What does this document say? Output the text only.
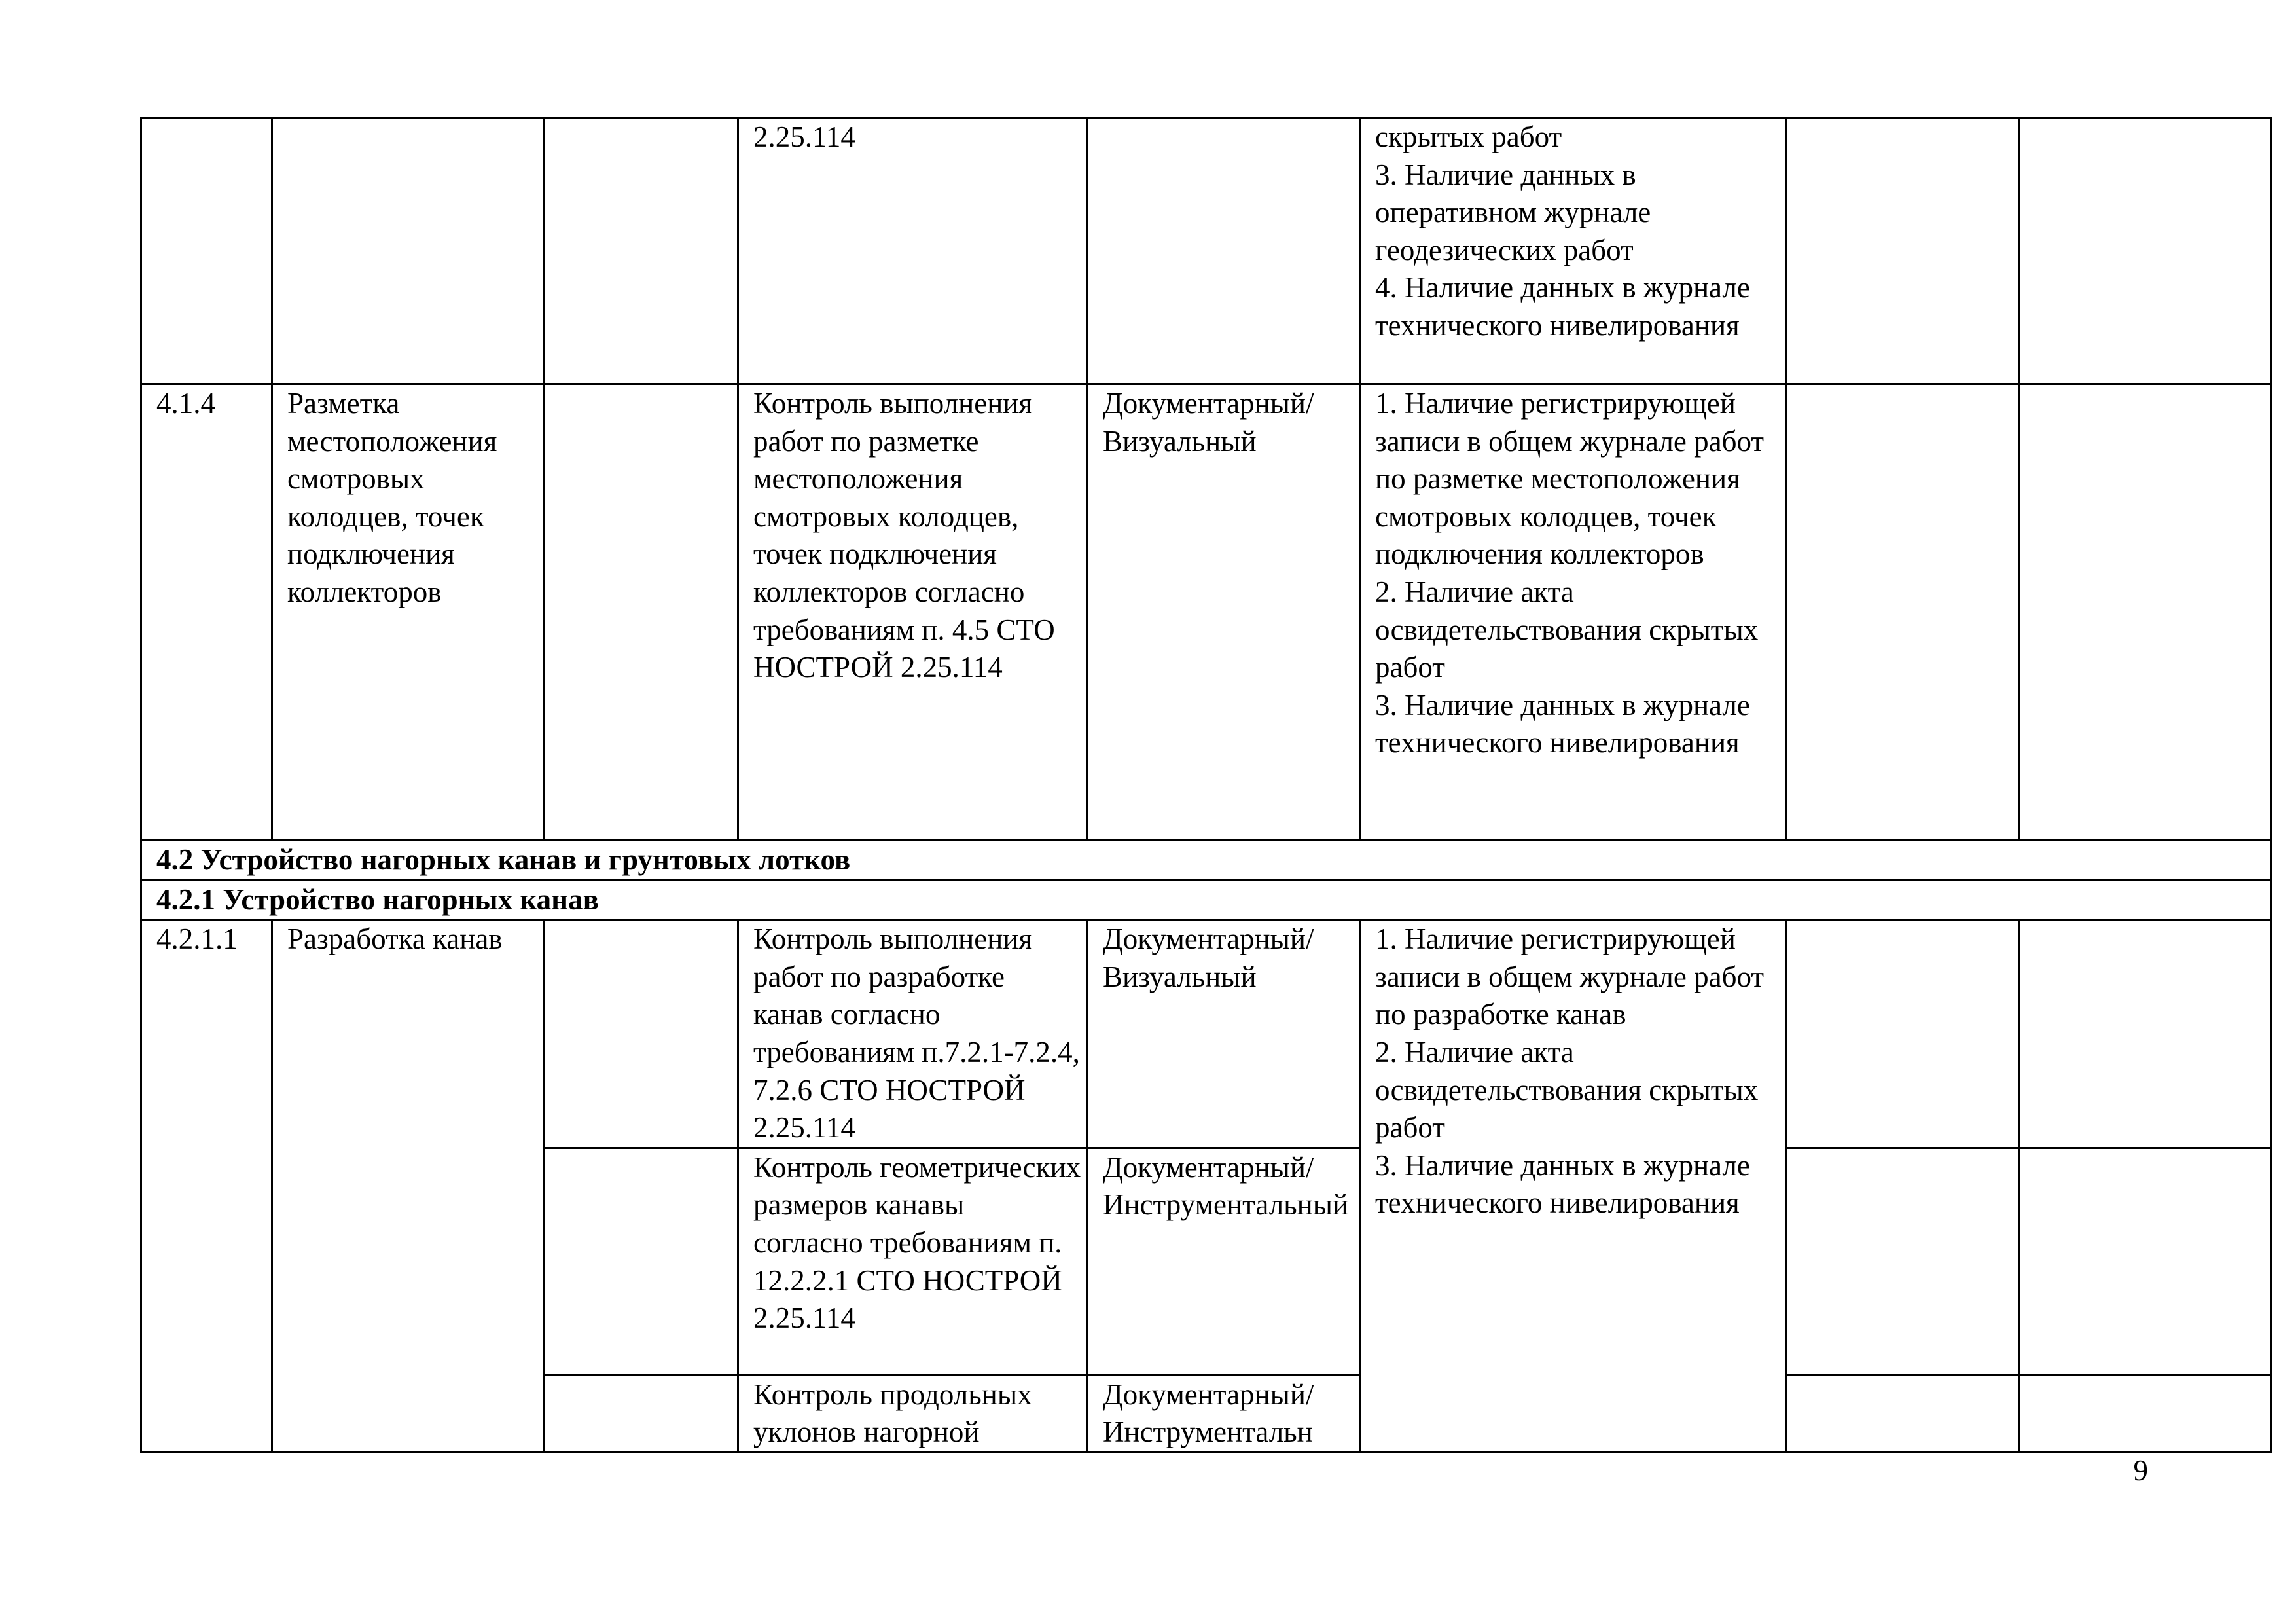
			2.25.114		скрытых работ
3. Наличие данных в оперативном журнале геодезических работ
4. Наличие данных в журнале технического нивелирования		

4.1.4	Разметка местоположения смотровых колодцев, точек подключения коллекторов		Контроль выполнения работ по разметке местоположения смотровых колодцев, точек подключения коллекторов согласно требованиям п. 4.5 СТО НОСТРОЙ 2.25.114	Документарный/ Визуальный	1. Наличие регистрирующей записи в общем журнале работ по разметке местоположения смотровых колодцев, точек подключения коллекторов
2. Наличие акта освидетельствования скрытых работ
3. Наличие данных в журнале технического нивелирования		

4.2 Устройство нагорных канав и грунтовых лотков							

4.2.1 Устройство нагорных канав							

4.2.1.1	Разработка канав		Контроль выполнения работ по разработке канав согласно требованиям п.7.2.1-7.2.4, 7.2.6 СТО НОСТРОЙ 2.25.114	Документарный/ Визуальный	1. Наличие регистрирующей записи в общем журнале работ по разработке канав
2. Наличие акта освидетельствования скрытых работ
3. Наличие данных в журнале технического нивелирования		

			Контроль геометрических размеров канавы согласно требованиям п. 12.2.2.1 СТО НОСТРОЙ 2.25.114	Документарный/ Инструментальный			

			Контроль продольных уклонов нагорной	Документарный/ Инструментальн			

9
